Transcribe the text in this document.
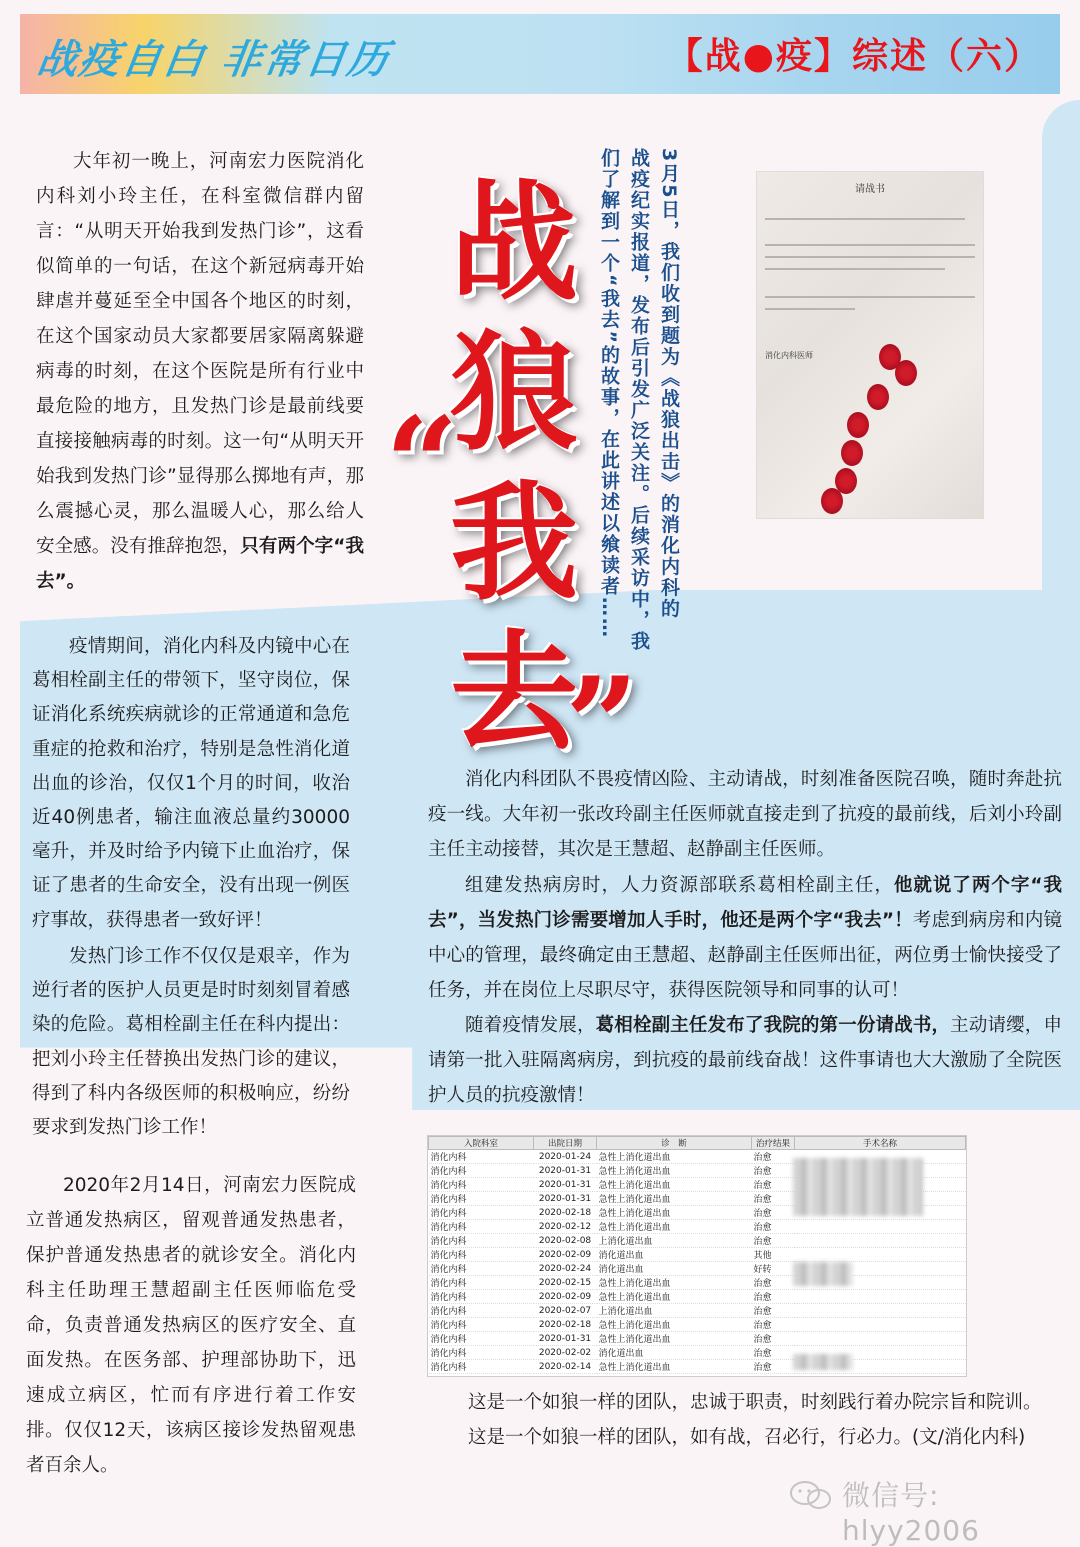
战疫自白 非常日历	【战●疫】综述（六）

大年初一晚上，河南宏力医院消化内科刘小玲主任，在科室微信群内留言：“从明天开始我到发热门诊”，这看似简单的一句话，在这个新冠病毒开始肆虐并蔓延至全中国各个地区的时刻，在这个国家动员大家都要居家隔离躲避病毒的时刻，在这个医院是所有行业中最危险的地方，且发热门诊是最前线要直接接触病毒的时刻。这一句“从明天开始我到发热门诊”显得那么掷地有声，那么震撼心灵，那么温暖人心，那么给人安全感。没有推辞抱怨，只有两个字“我去”。

战
狼
“
我
去
”
3月5日，我们收到题为《战狼出击》的消化内科的
战疫纪实报道，发布后引发广泛关注。后续采访中，我
们了解到一个“我去”的故事，在此讲述以飨读者……	请战书
消化内科医师

疫情期间，消化内科及内镜中心在葛相栓副主任的带领下，坚守岗位，保证消化系统疾病就诊的正常通道和急危重症的抢救和治疗，特别是急性消化道出血的诊治，仅仅1个月的时间，收治近40例患者，输注血液总量约30000毫升，并及时给予内镜下止血治疗，保证了患者的生命安全，没有出现一例医疗事故，获得患者一致好评！

发热门诊工作不仅仅是艰辛，作为逆行者的医护人员更是时时刻刻冒着感染的危险。葛相栓副主任在科内提出：把刘小玲主任替换出发热门诊的建议，得到了科内各级医师的积极响应，纷纷要求到发热门诊工作！

2020年2月14日，河南宏力医院成立普通发热病区，留观普通发热患者，保护普通发热患者的就诊安全。消化内科主任助理王慧超副主任医师临危受命，负责普通发热病区的医疗安全、直面发热。在医务部、护理部协助下，迅速成立病区，忙而有序进行着工作安排。仅仅12天，该病区接诊发热留观患者百余人。

消化内科团队不畏疫情凶险、主动请战，时刻准备医院召唤，随时奔赴抗疫一线。大年初一张改玲副主任医师就直接走到了抗疫的最前线，后刘小玲副主任主动接替，其次是王慧超、赵静副主任医师。

组建发热病房时，人力资源部联系葛相栓副主任，他就说了两个字“我去”，当发热门诊需要增加人手时，他还是两个字“我去”！考虑到病房和内镜中心的管理，最终确定由王慧超、赵静副主任医师出征，两位勇士愉快接受了任务，并在岗位上尽职尽守，获得医院领导和同事的认可！

随着疫情发展，葛相栓副主任发布了我院的第一份请战书，主动请缨，申请第一批入驻隔离病房，到抗疫的最前线奋战！这件事请也大大激励了全院医护人员的抗疫激情！

入院科室	出院日期	诊　断	治疗结果	手术名称
消化内科	2020-01-24	急性上消化道出血	治愈	
消化内科	2020-01-31	急性上消化道出血	治愈	
消化内科	2020-01-31	急性上消化道出血	治愈	
消化内科	2020-01-31	急性上消化道出血	治愈	
消化内科	2020-02-18	急性上消化道出血	治愈	
消化内科	2020-02-12	急性上消化道出血	治愈	
消化内科	2020-02-08	上消化道出血	治愈	
消化内科	2020-02-09	消化道出血	其他	
消化内科	2020-02-24	消化道出血	好转	
消化内科	2020-02-15	急性上消化道出血	治愈	
消化内科	2020-02-09	急性上消化道出血	治愈	
消化内科	2020-02-07	上消化道出血	治愈	
消化内科	2020-02-18	急性上消化道出血	治愈	
消化内科	2020-01-31	急性上消化道出血	治愈	
消化内科	2020-02-02	消化道出血	治愈	
消化内科	2020-02-14	急性上消化道出血	治愈	
这是一个如狼一样的团队，忠诚于职责，时刻践行着办院宗旨和院训。
这是一个如狼一样的团队，如有战，召必行，行必力。(文/消化内科)
微信号: hlyy2006
